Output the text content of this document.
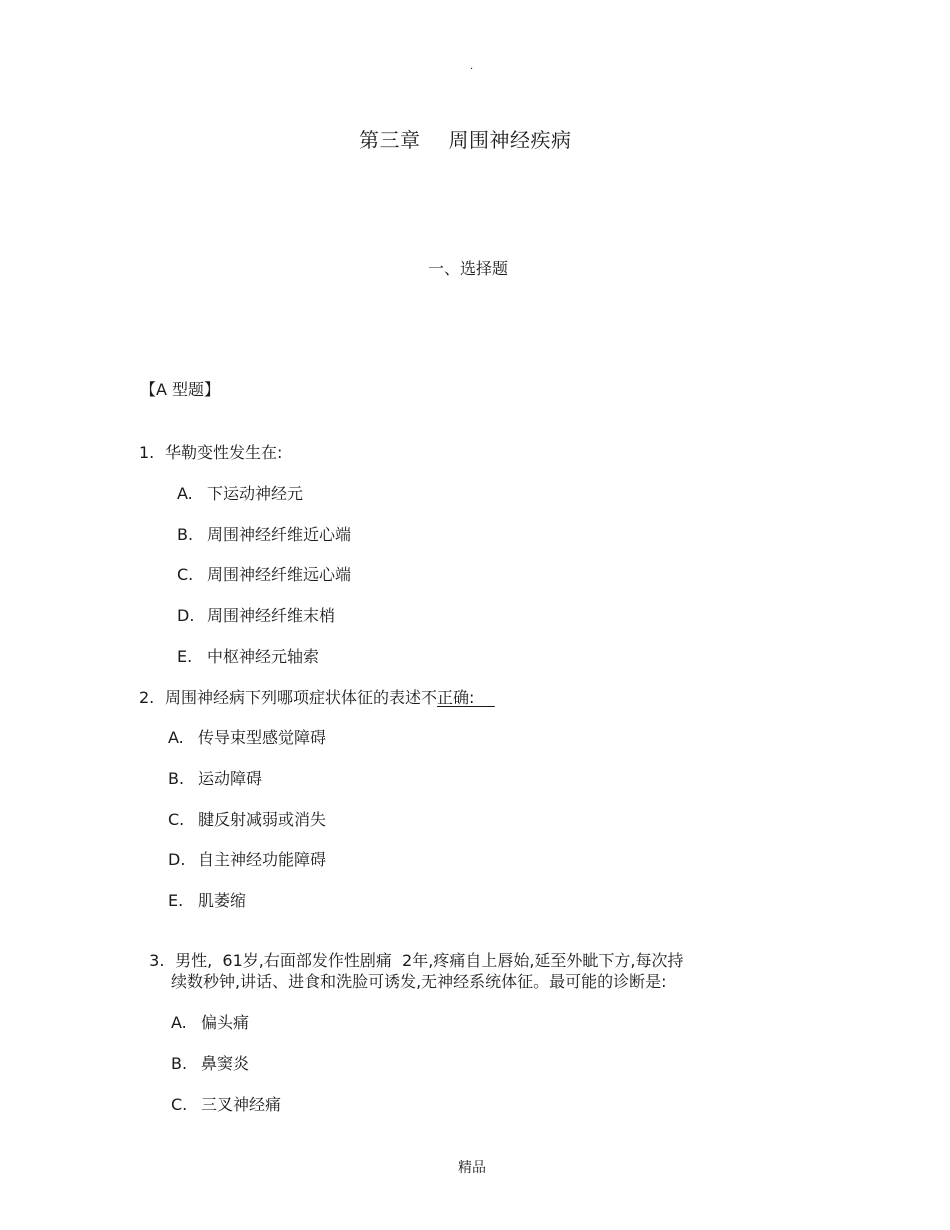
·
第三章 周围神经疾病
一、选择题
【A 型题】
1. 华勒变性发生在:
A. 下运动神经元
B. 周围神经纤维近心端
C. 周围神经纤维远心端
D. 周围神经纤维末梢
E. 中枢神经元轴索
2. 周围神经病下列哪项症状体征的表述不正确:
A. 传导束型感觉障碍
B. 运动障碍
C. 腱反射减弱或消失
D. 自主神经功能障碍
E. 肌萎缩

3. 男性,  61岁,右面部发作性剧痛  2年,疼痛自上唇始,延至外眦下方,每次持

续数秒钟,讲话、进食和洗脸可诱发,无神经系统体征。最可能的诊断是:
A. 偏头痛
B. 鼻窦炎
C. 三叉神经痛
精品
